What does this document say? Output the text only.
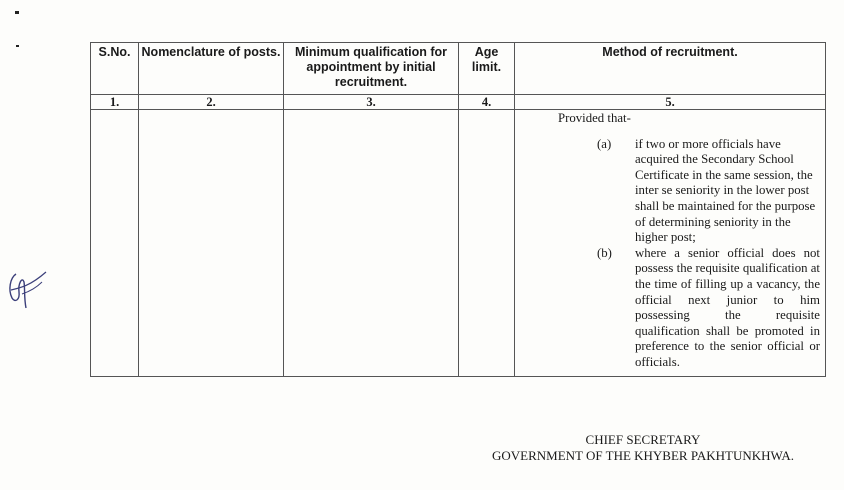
S.No.	Nomenclature of posts.	Minimum qualification for appointment by initial recruitment.	Age limit.	Method of recruitment.
1.	2.	3.	4.	5.

				Provided that-
(a) if two or more officials have acquired the Secondary School Certificate in the same session, the inter se seniority in the lower post shall be maintained for the purpose of determining seniority in the higher post;
(b) where a senior official does not possess the requisite qualification at the time of filling up a vacancy, the official next junior to him possessing the requisite qualification shall be promoted in preference to the senior official or officials.
CHIEF SECRETARY
GOVERNMENT OF THE KHYBER PAKHTUNKHWA.
